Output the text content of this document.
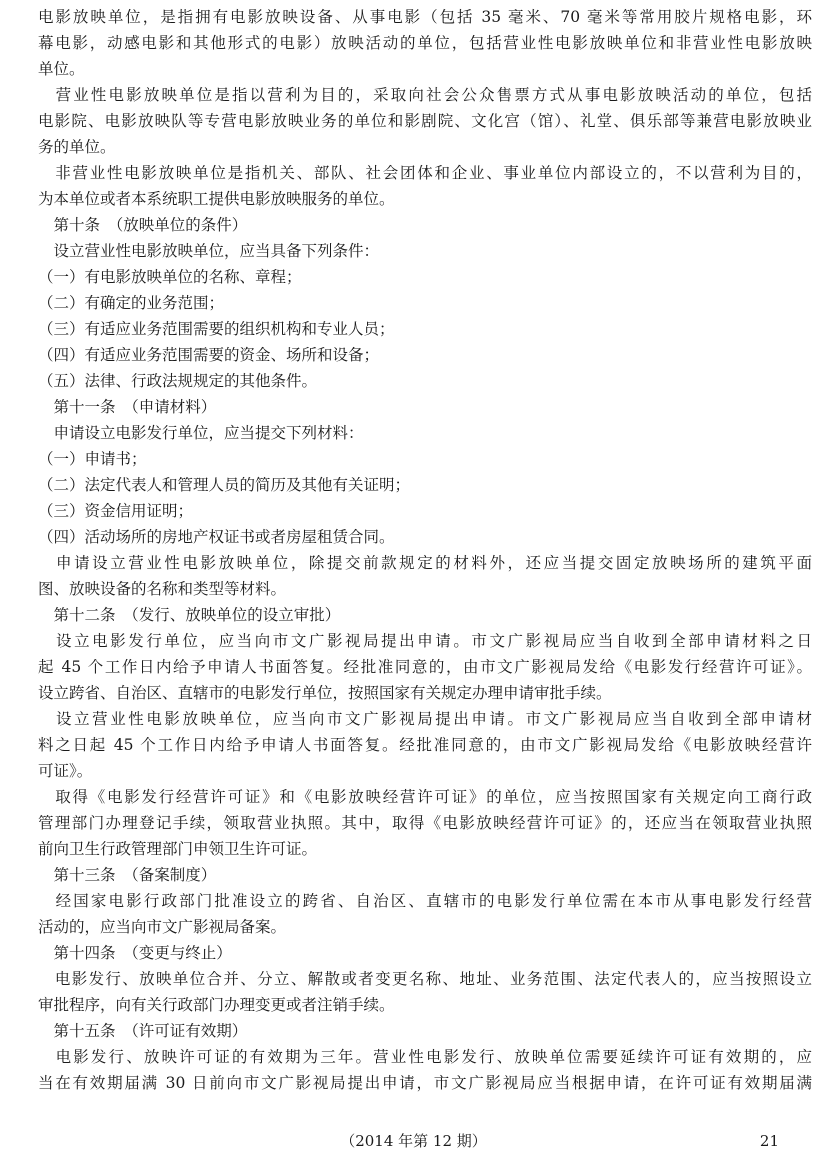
电影放映单位，是指拥有电影放映设备、从事电影（包括 35 毫米、70 毫米等常用胶片规格电影，环
幕电影，动感电影和其他形式的电影）放映活动的单位，包括营业性电影放映单位和非营业性电影放映
单位。
　营业性电影放映单位是指以营利为目的，采取向社会公众售票方式从事电影放映活动的单位，包括
电影院、电影放映队等专营电影放映业务的单位和影剧院、文化宫（馆）、礼堂、俱乐部等兼营电影放映业
务的单位。
　非营业性电影放映单位是指机关、部队、社会团体和企业、事业单位内部设立的，不以营利为目的，
为本单位或者本系统职工提供电影放映服务的单位。
　第十条　（放映单位的条件）
　设立营业性电影放映单位，应当具备下列条件：
（一）有电影放映单位的名称、章程；
（二）有确定的业务范围；
（三）有适应业务范围需要的组织机构和专业人员；
（四）有适应业务范围需要的资金、场所和设备；
（五）法律、行政法规规定的其他条件。
　第十一条　（申请材料）
　申请设立电影发行单位，应当提交下列材料：
（一）申请书；
（二）法定代表人和管理人员的简历及其他有关证明；
（三）资金信用证明；
（四）活动场所的房地产权证书或者房屋租赁合同。
　申请设立营业性电影放映单位，除提交前款规定的材料外，还应当提交固定放映场所的建筑平面
图、放映设备的名称和类型等材料。
　第十二条　（发行、放映单位的设立审批）
　设立电影发行单位，应当向市文广影视局提出申请。市文广影视局应当自收到全部申请材料之日
起 45 个工作日内给予申请人书面答复。经批准同意的，由市文广影视局发给《电影发行经营许可证》。
设立跨省、自治区、直辖市的电影发行单位，按照国家有关规定办理申请审批手续。
　设立营业性电影放映单位，应当向市文广影视局提出申请。市文广影视局应当自收到全部申请材
料之日起 45 个工作日内给予申请人书面答复。经批准同意的，由市文广影视局发给《电影放映经营许
可证》。
　取得《电影发行经营许可证》和《电影放映经营许可证》的单位，应当按照国家有关规定向工商行政
管理部门办理登记手续，领取营业执照。其中，取得《电影放映经营许可证》的，还应当在领取营业执照
前向卫生行政管理部门申领卫生许可证。
　第十三条　（备案制度）
　经国家电影行政部门批准设立的跨省、自治区、直辖市的电影发行单位需在本市从事电影发行经营
活动的，应当向市文广影视局备案。
　第十四条　（变更与终止）
　电影发行、放映单位合并、分立、解散或者变更名称、地址、业务范围、法定代表人的，应当按照设立
审批程序，向有关行政部门办理变更或者注销手续。
　第十五条　（许可证有效期）
　电影发行、放映许可证的有效期为三年。营业性电影发行、放映单位需要延续许可证有效期的，应
当在有效期届满 30 日前向市文广影视局提出申请，市文广影视局应当根据申请，在许可证有效期届满
（2014 年第 12 期）	21
